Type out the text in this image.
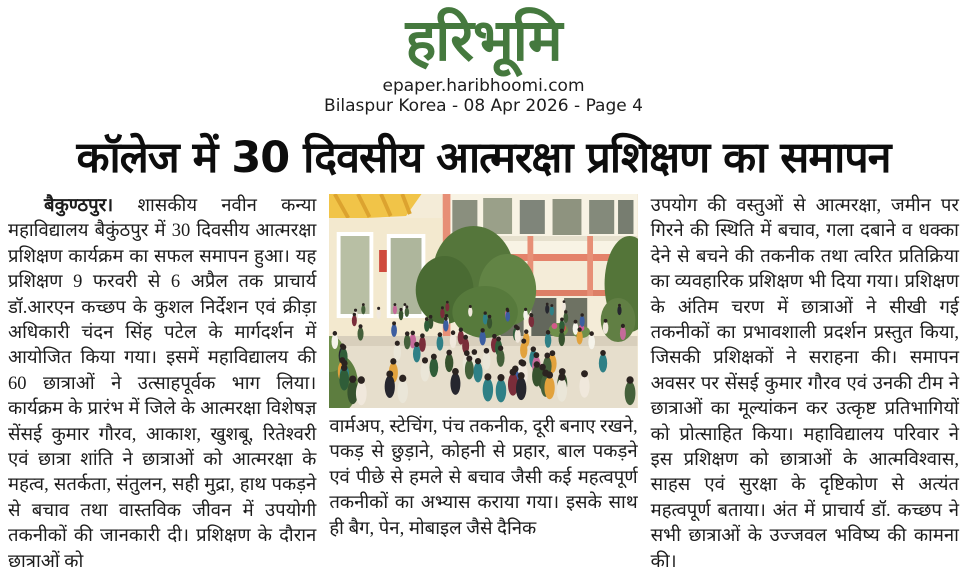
हरिभूमि
epaper.haribhoomi.com
Bilaspur Korea - 08 Apr 2026 - Page 4
कॉलेज में 30 दिवसीय आत्मरक्षा प्रशिक्षण का समापन

बैकुण्ठपुर। शासकीय नवीन कन्या महाविद्यालय बैकुंठपुर में 30 दिवसीय आत्मरक्षा प्रशिक्षण कार्यक्रम का सफल समापन हुआ। यह प्रशिक्षण 9 फरवरी से 6 अप्रैल तक प्राचार्य डॉ.आरएन कच्छप के कुशल निर्देशन एवं क्रीड़ा अधिकारी चंदन सिंह पटेल के मार्गदर्शन में आयोजित किया गया। इसमें महाविद्यालय की 60 छात्राओं ने उत्साहपूर्वक भाग लिया। कार्यक्रम के प्रारंभ में जिले के आत्मरक्षा विशेषज्ञ सेंसई कुमार गौरव, आकाश, खुशबू, रितेश्वरी एवं छात्रा शांति ने छात्राओं को आत्मरक्षा के महत्व, सतर्कता, संतुलन, सही मुद्रा, हाथ पकड़ने से बचाव तथा वास्तविक जीवन में उपयोगी तकनीकों की जानकारी दी। प्रशिक्षण के दौरान छात्राओं को

वार्मअप, स्टेचिंग, पंच तकनीक, दूरी बनाए रखने, पकड़ से छुड़ाने, कोहनी से प्रहार, बाल पकड़ने एवं पीछे से हमले से बचाव जैसी कई महत्वपूर्ण तकनीकों का अभ्यास कराया गया। इसके साथ ही बैग, पेन, मोबाइल जैसे दैनिक

उपयोग की वस्तुओं से आत्मरक्षा, जमीन पर गिरने की स्थिति में बचाव, गला दबाने व धक्का देने से बचने की तकनीक तथा त्वरित प्रतिक्रिया का व्यवहारिक प्रशिक्षण भी दिया गया। प्रशिक्षण के अंतिम चरण में छात्राओं ने सीखी गई तकनीकों का प्रभावशाली प्रदर्शन प्रस्तुत किया, जिसकी प्रशिक्षकों ने सराहना की। समापन अवसर पर सेंसई कुमार गौरव एवं उनकी टीम ने छात्राओं का मूल्यांकन कर उत्कृष्ट प्रतिभागियों को प्रोत्साहित किया। महाविद्यालय परिवार ने इस प्रशिक्षण को छात्राओं के आत्मविश्वास, साहस एवं सुरक्षा के दृष्टिकोण से अत्यंत महत्वपूर्ण बताया। अंत में प्राचार्य डॉ. कच्छप ने सभी छात्राओं के उज्जवल भविष्य की कामना की।
